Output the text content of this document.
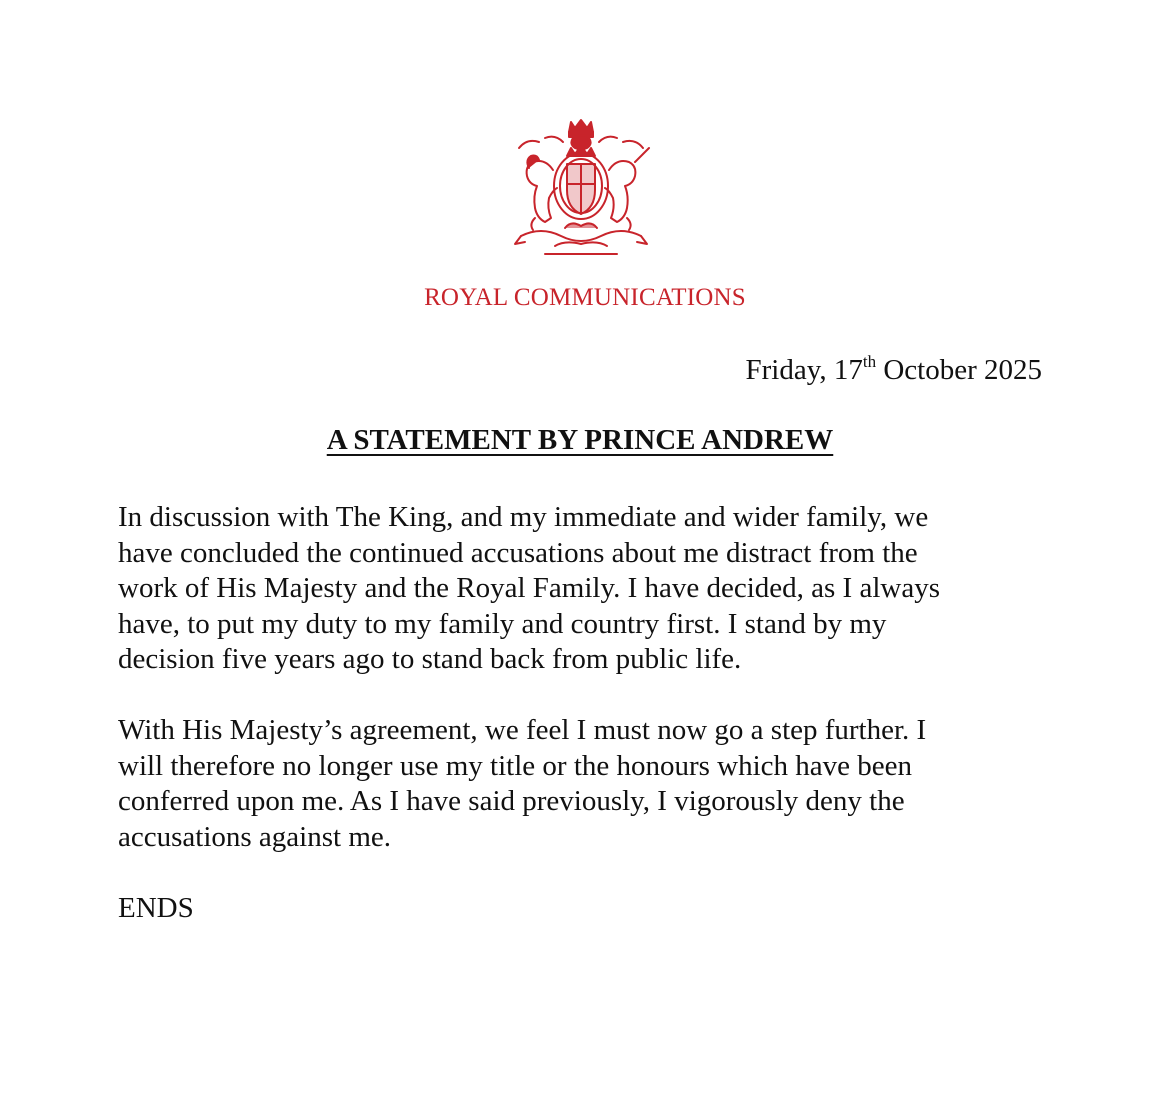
ROYAL COMMUNICATIONS
Friday, 17th October 2025
A STATEMENT BY PRINCE ANDREW

In discussion with The King, and my immediate and wider family, we
have concluded the continued accusations about me distract from the
work of His Majesty and the Royal Family. I have decided, as I always
have, to put my duty to my family and country first. I stand by my
decision five years ago to stand back from public life.

With His Majesty’s agreement, we feel I must now go a step further. I
will therefore no longer use my title or the honours which have been
conferred upon me. As I have said previously, I vigorously deny the
accusations against me.

ENDS
